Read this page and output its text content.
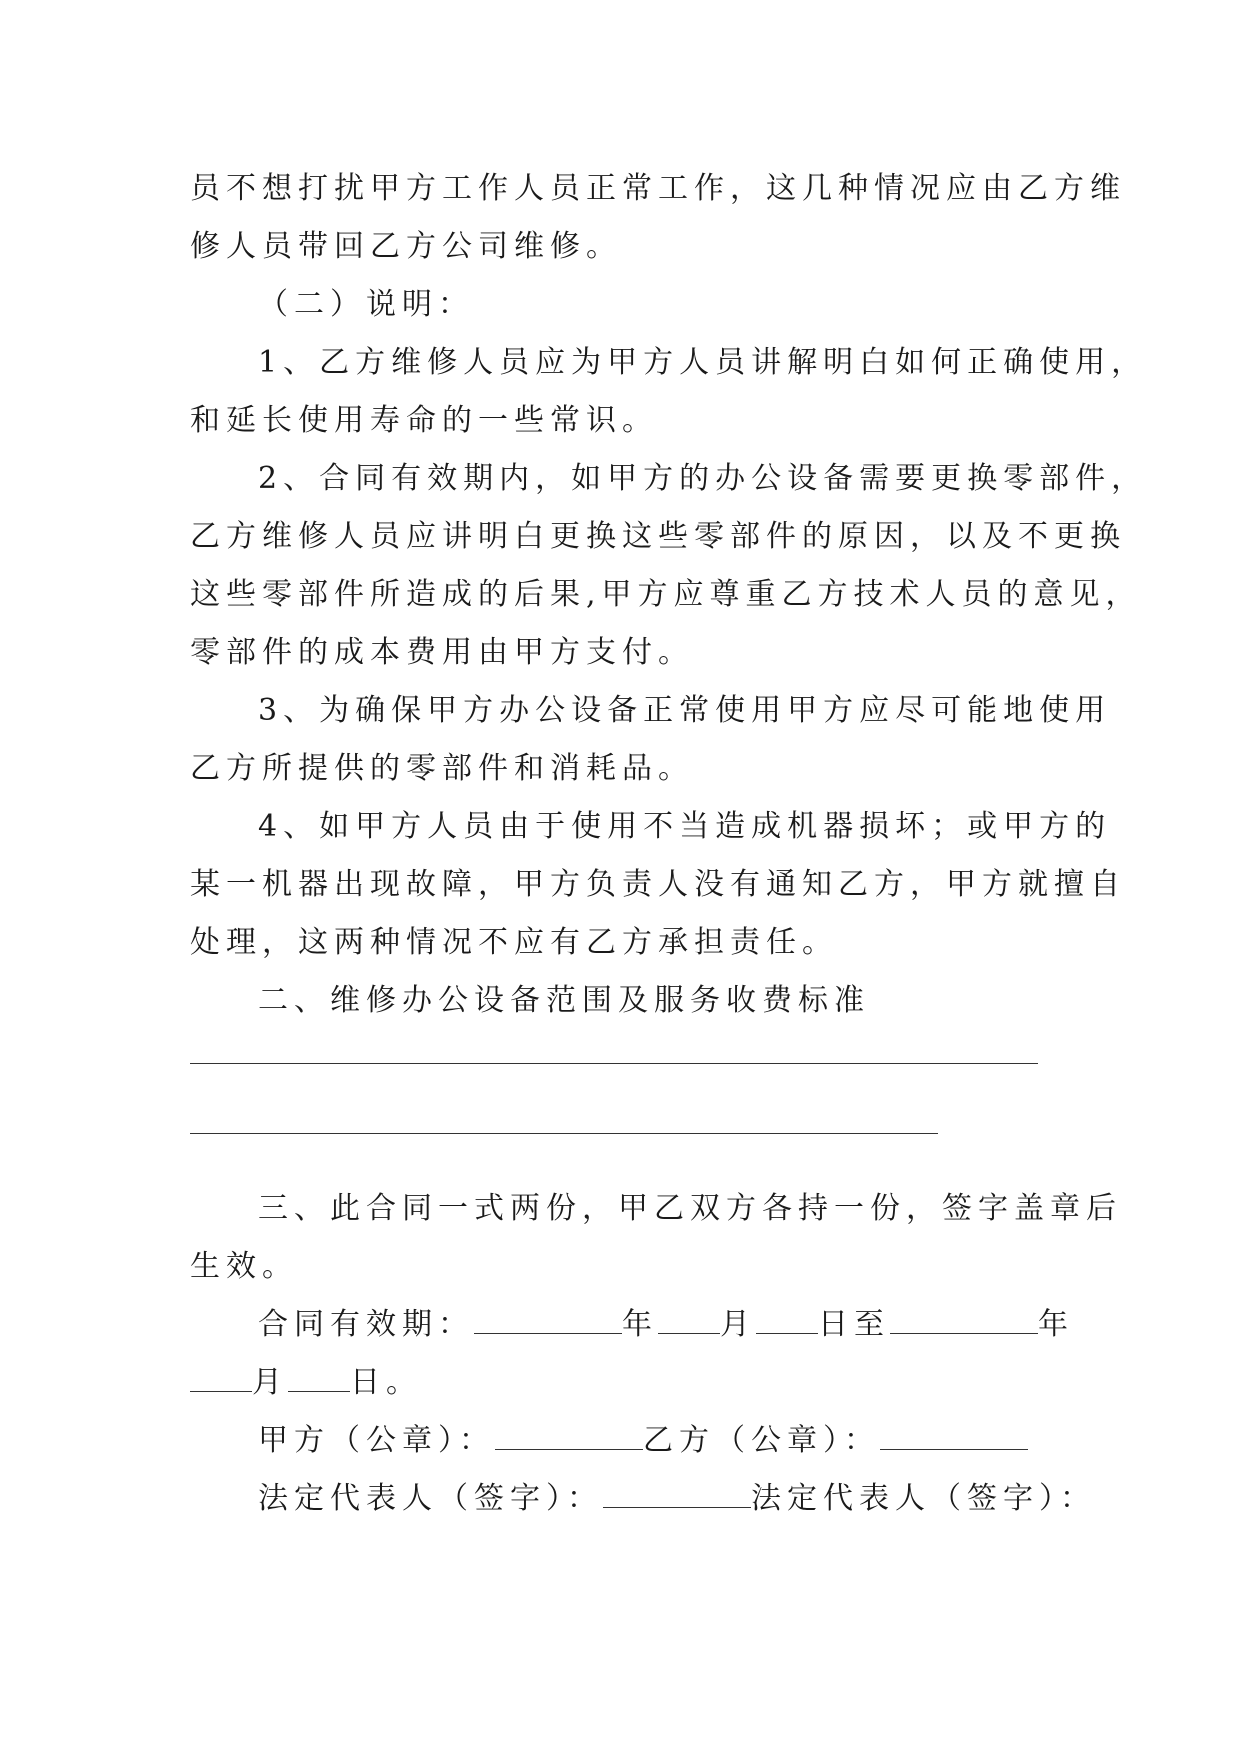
员不想打扰甲方工作人员正常工作，这几种情况应由乙方维
修人员带回乙方公司维修。
（二）说明：
1、乙方维修人员应为甲方人员讲解明白如何正确使用，
和延长使用寿命的一些常识。
2、合同有效期内，如甲方的办公设备需要更换零部件，
乙方维修人员应讲明白更换这些零部件的原因，以及不更换
这些零部件所造成的后果,甲方应尊重乙方技术人员的意见，
零部件的成本费用由甲方支付。
3、为确保甲方办公设备正常使用甲方应尽可能地使用
乙方所提供的零部件和消耗品。
4、如甲方人员由于使用不当造成机器损坏；或甲方的
某一机器出现故障，甲方负责人没有通知乙方，甲方就擅自
处理，这两种情况不应有乙方承担责任。
二、维修办公设备范围及服务收费标准
三、此合同一式两份，甲乙双方各持一份，签字盖章后
生效。
合同有效期：	年 月 日至	年
月 日。
甲方（公章）：	乙方（公章）：
法定代表人（签字）：	法定代表人（签字）：
